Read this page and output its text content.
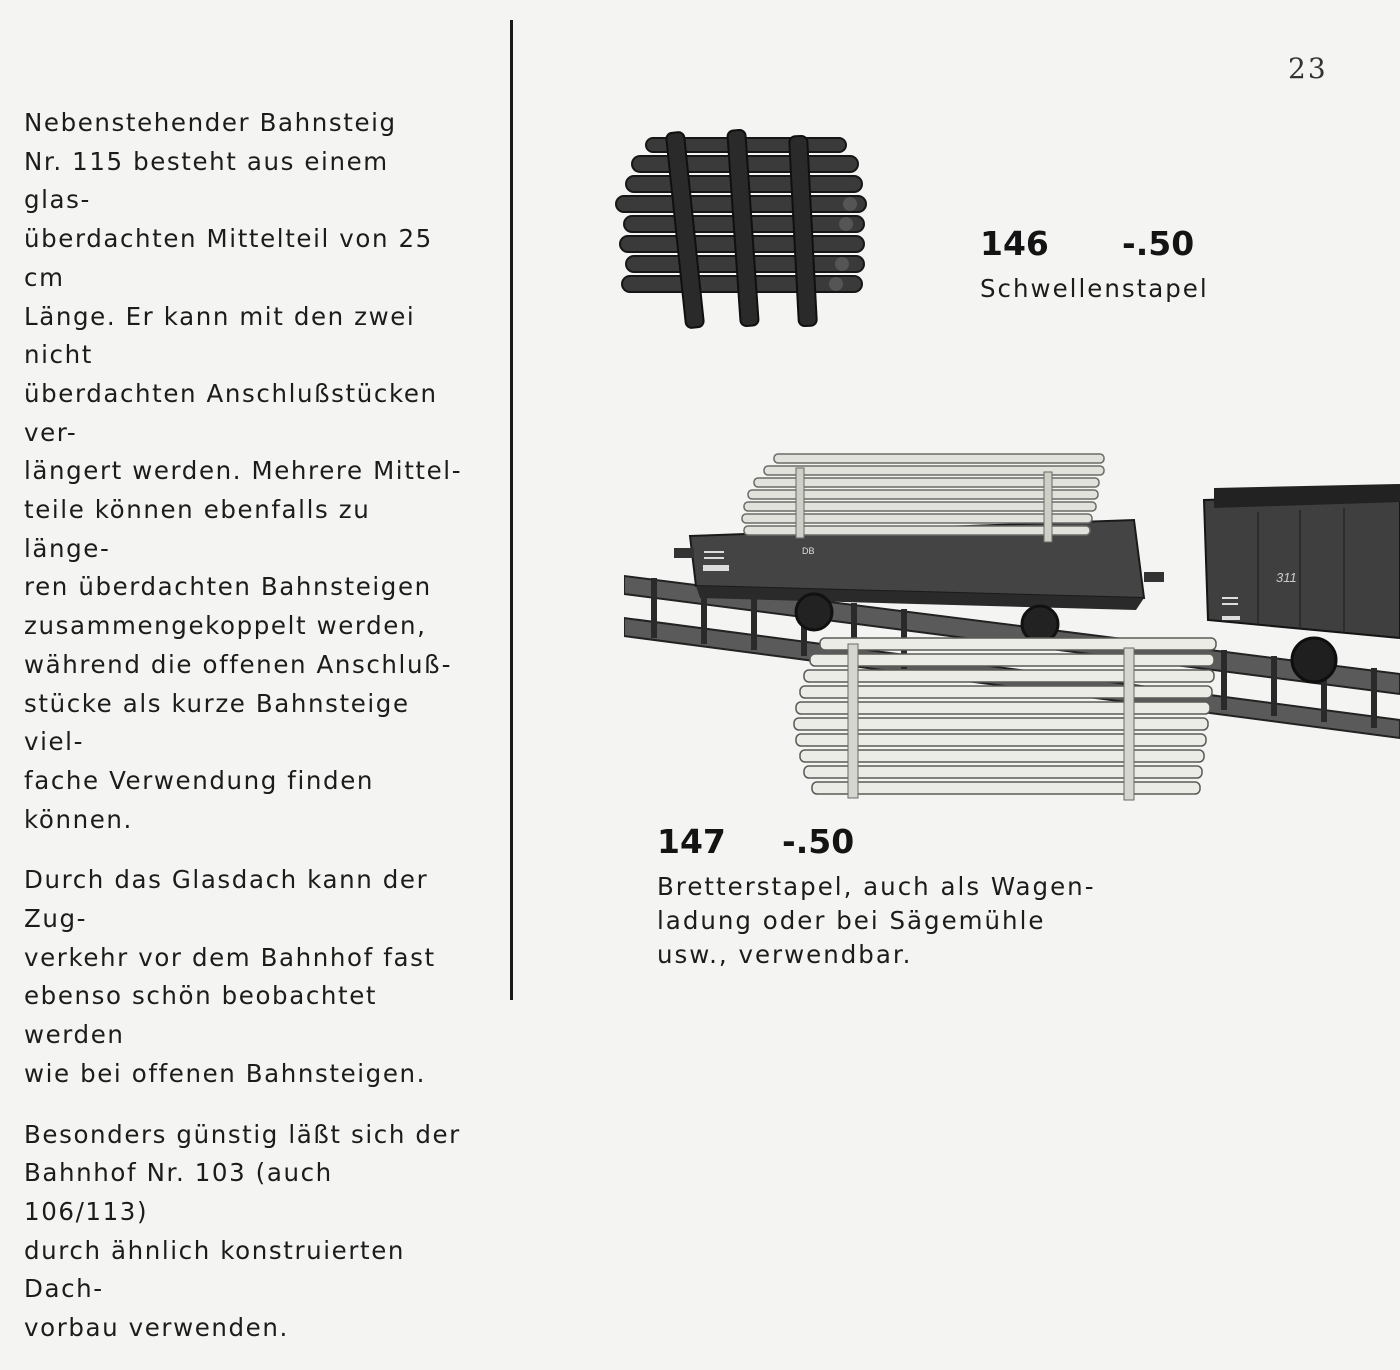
Nebenstehender Bahnsteig
Nr. 115 besteht aus einem glas-
überdachten Mittelteil von 25 cm
Länge. Er kann mit den zwei nicht
überdachten Anschlußstücken ver-
längert werden. Mehrere Mittel-
teile können ebenfalls zu länge-
ren überdachten Bahnsteigen
zusammengekoppelt werden,
während die offenen Anschluß-
stücke als kurze Bahnsteige viel-
fache Verwendung finden können.

Durch das Glasdach kann der Zug-
verkehr vor dem Bahnhof fast
ebenso schön beobachtet werden
wie bei offenen Bahnsteigen.

Besonders günstig läßt sich der
Bahnhof Nr. 103 (auch 106/113)
durch ähnlich konstruierten Dach-
vorbau verwenden.

23
146 -.50
Schwellenstapel
DB
311
147 -.50
Bretterstapel, auch als Wagen-
ladung oder bei Sägemühle
usw., verwendbar.
